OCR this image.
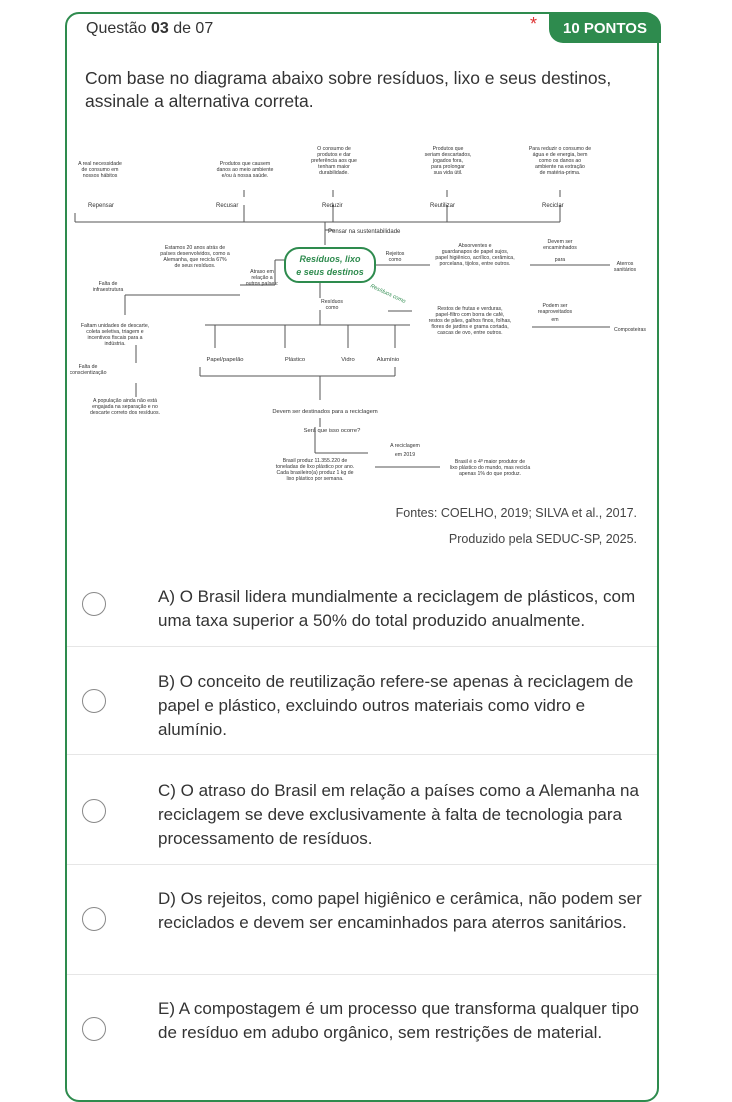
Questão 03 de 07	*	10 PONTOS
Com base no diagrama abaixo sobre resíduos, lixo e seus destinos, assinale a alternativa correta.
Resíduos, lixo
e seus destinos
Resíduos como
A real necessidade
de consumo em
nossos hábitos
Produtos que causem
danos ao meio ambiente
e/ou à nossa saúde.
O consumo de
produtos e dar
preferência aos que
tenham maior
durabilidade.
Produtos que
seriam descartados,
jogados fora,
para prolongar
sua vida útil.
Para reduzir o consumo de
água e de energia, bem
como os danos ao
ambiente na extração
de matéria-prima.
Repensar	Recusar	Reduzir	Reutilizar	Reciclar
Pensar na sustentabilidade
Estamos 20 anos atrás de
países desenvolvidos, como a
Alemanha, que recicla 67%
de seus resíduos.
Atraso em
relação a
outros países:
Falta de
infraestrutura
Faltam unidades de descarte,
coleta seletiva, triagem e
incentivos fiscais para a
indústria.
Falta de
conscientização
A população ainda não está
engajada na separação e no
descarte correto dos resíduos.
Rejeitos
como
Absorventes e
guardanapos de papel sujos,
papel higiênico, acrílico, cerâmica,
porcelana, tijolos, entre outros.
Devem ser
encaminhados
para
Aterros
sanitários
Resíduos
como	Restos de frutas e verduras,
papel-filtro com borra de café,
restos de pães, galhos finos, folhas,
flores de jardins e grama cortada,
cascas de ovo, entre outros.
Podem ser
reaproveitados
em
Composteiras
Papel/papelão	Plástico	Vidro	Alumínio
Devem ser destinados para a reciclagem
Será que isso ocorre?
Brasil produz 11.355.220 de
toneladas de lixo plástico por ano.
Cada brasileiro(a) produz 1 kg de
lixo plástico por semana.
A reciclagem
em 2019
Brasil é o 4º maior produtor de
lixo plástico do mundo, mas recicla
apenas 1% do que produz.
Fontes: COELHO, 2019; SILVA et al., 2017.
Produzido pela SEDUC-SP, 2025.
A) O Brasil lidera mundialmente a reciclagem de plásticos, com uma taxa superior a 50% do total produzido anualmente.
B) O conceito de reutilização refere-se apenas à reciclagem de papel e plástico, excluindo outros materiais como vidro e alumínio.
C) O atraso do Brasil em relação a países como a Alemanha na reciclagem se deve exclusivamente à falta de tecnologia para processamento de resíduos.
D) Os rejeitos, como papel higiênico e cerâmica, não podem ser reciclados e devem ser encaminhados para aterros sanitários.
E) A compostagem é um processo que transforma qualquer tipo de resíduo em adubo orgânico, sem restrições de material.
